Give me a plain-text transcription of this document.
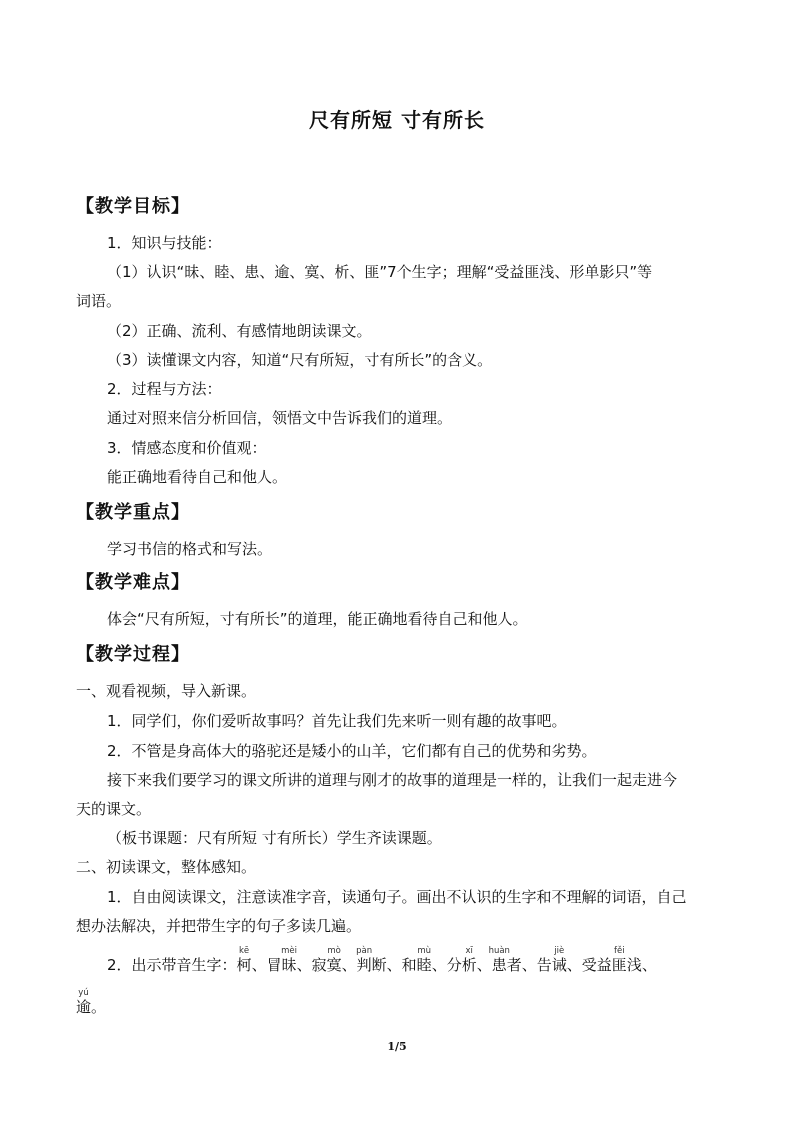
尺有所短 寸有所长
【教学目标】
1．知识与技能：
（1）认识“昧、睦、患、逾、寞、析、匪”7个生字；理解“受益匪浅、形单影只”等
词语。
（2）正确、流利、有感情地朗读课文。
（3）读懂课文内容，知道“尺有所短，寸有所长”的含义。
2．过程与方法：
通过对照来信分析回信，领悟文中告诉我们的道理。
3．情感态度和价值观：
能正确地看待自己和他人。
【教学重点】
学习书信的格式和写法。
【教学难点】
体会“尺有所短，寸有所长”的道理，能正确地看待自己和他人。
【教学过程】
一、观看视频，导入新课。
1．同学们，你们爱听故事吗？首先让我们先来听一则有趣的故事吧。
2．不管是身高体大的骆驼还是矮小的山羊，它们都有自己的优势和劣势。
接下来我们要学习的课文所讲的道理与刚才的故事的道理是一样的，让我们一起走进今
天的课文。
（板书课题：尺有所短 寸有所长）学生齐读课题。
二、初读课文，整体感知。
1．自由阅读课文，注意读准字音，读通句子。画出不认识的生字和不理解的词语，自己
想办法解决，并把带生字的句子多读几遍。
2．出示带音生字：柯kē、冒昧mèi、寂寞mò、判pàn断、和睦mù、分析xī、患huàn者、告诫jiè、受益匪fěi浅、
逾yú。
1/5
